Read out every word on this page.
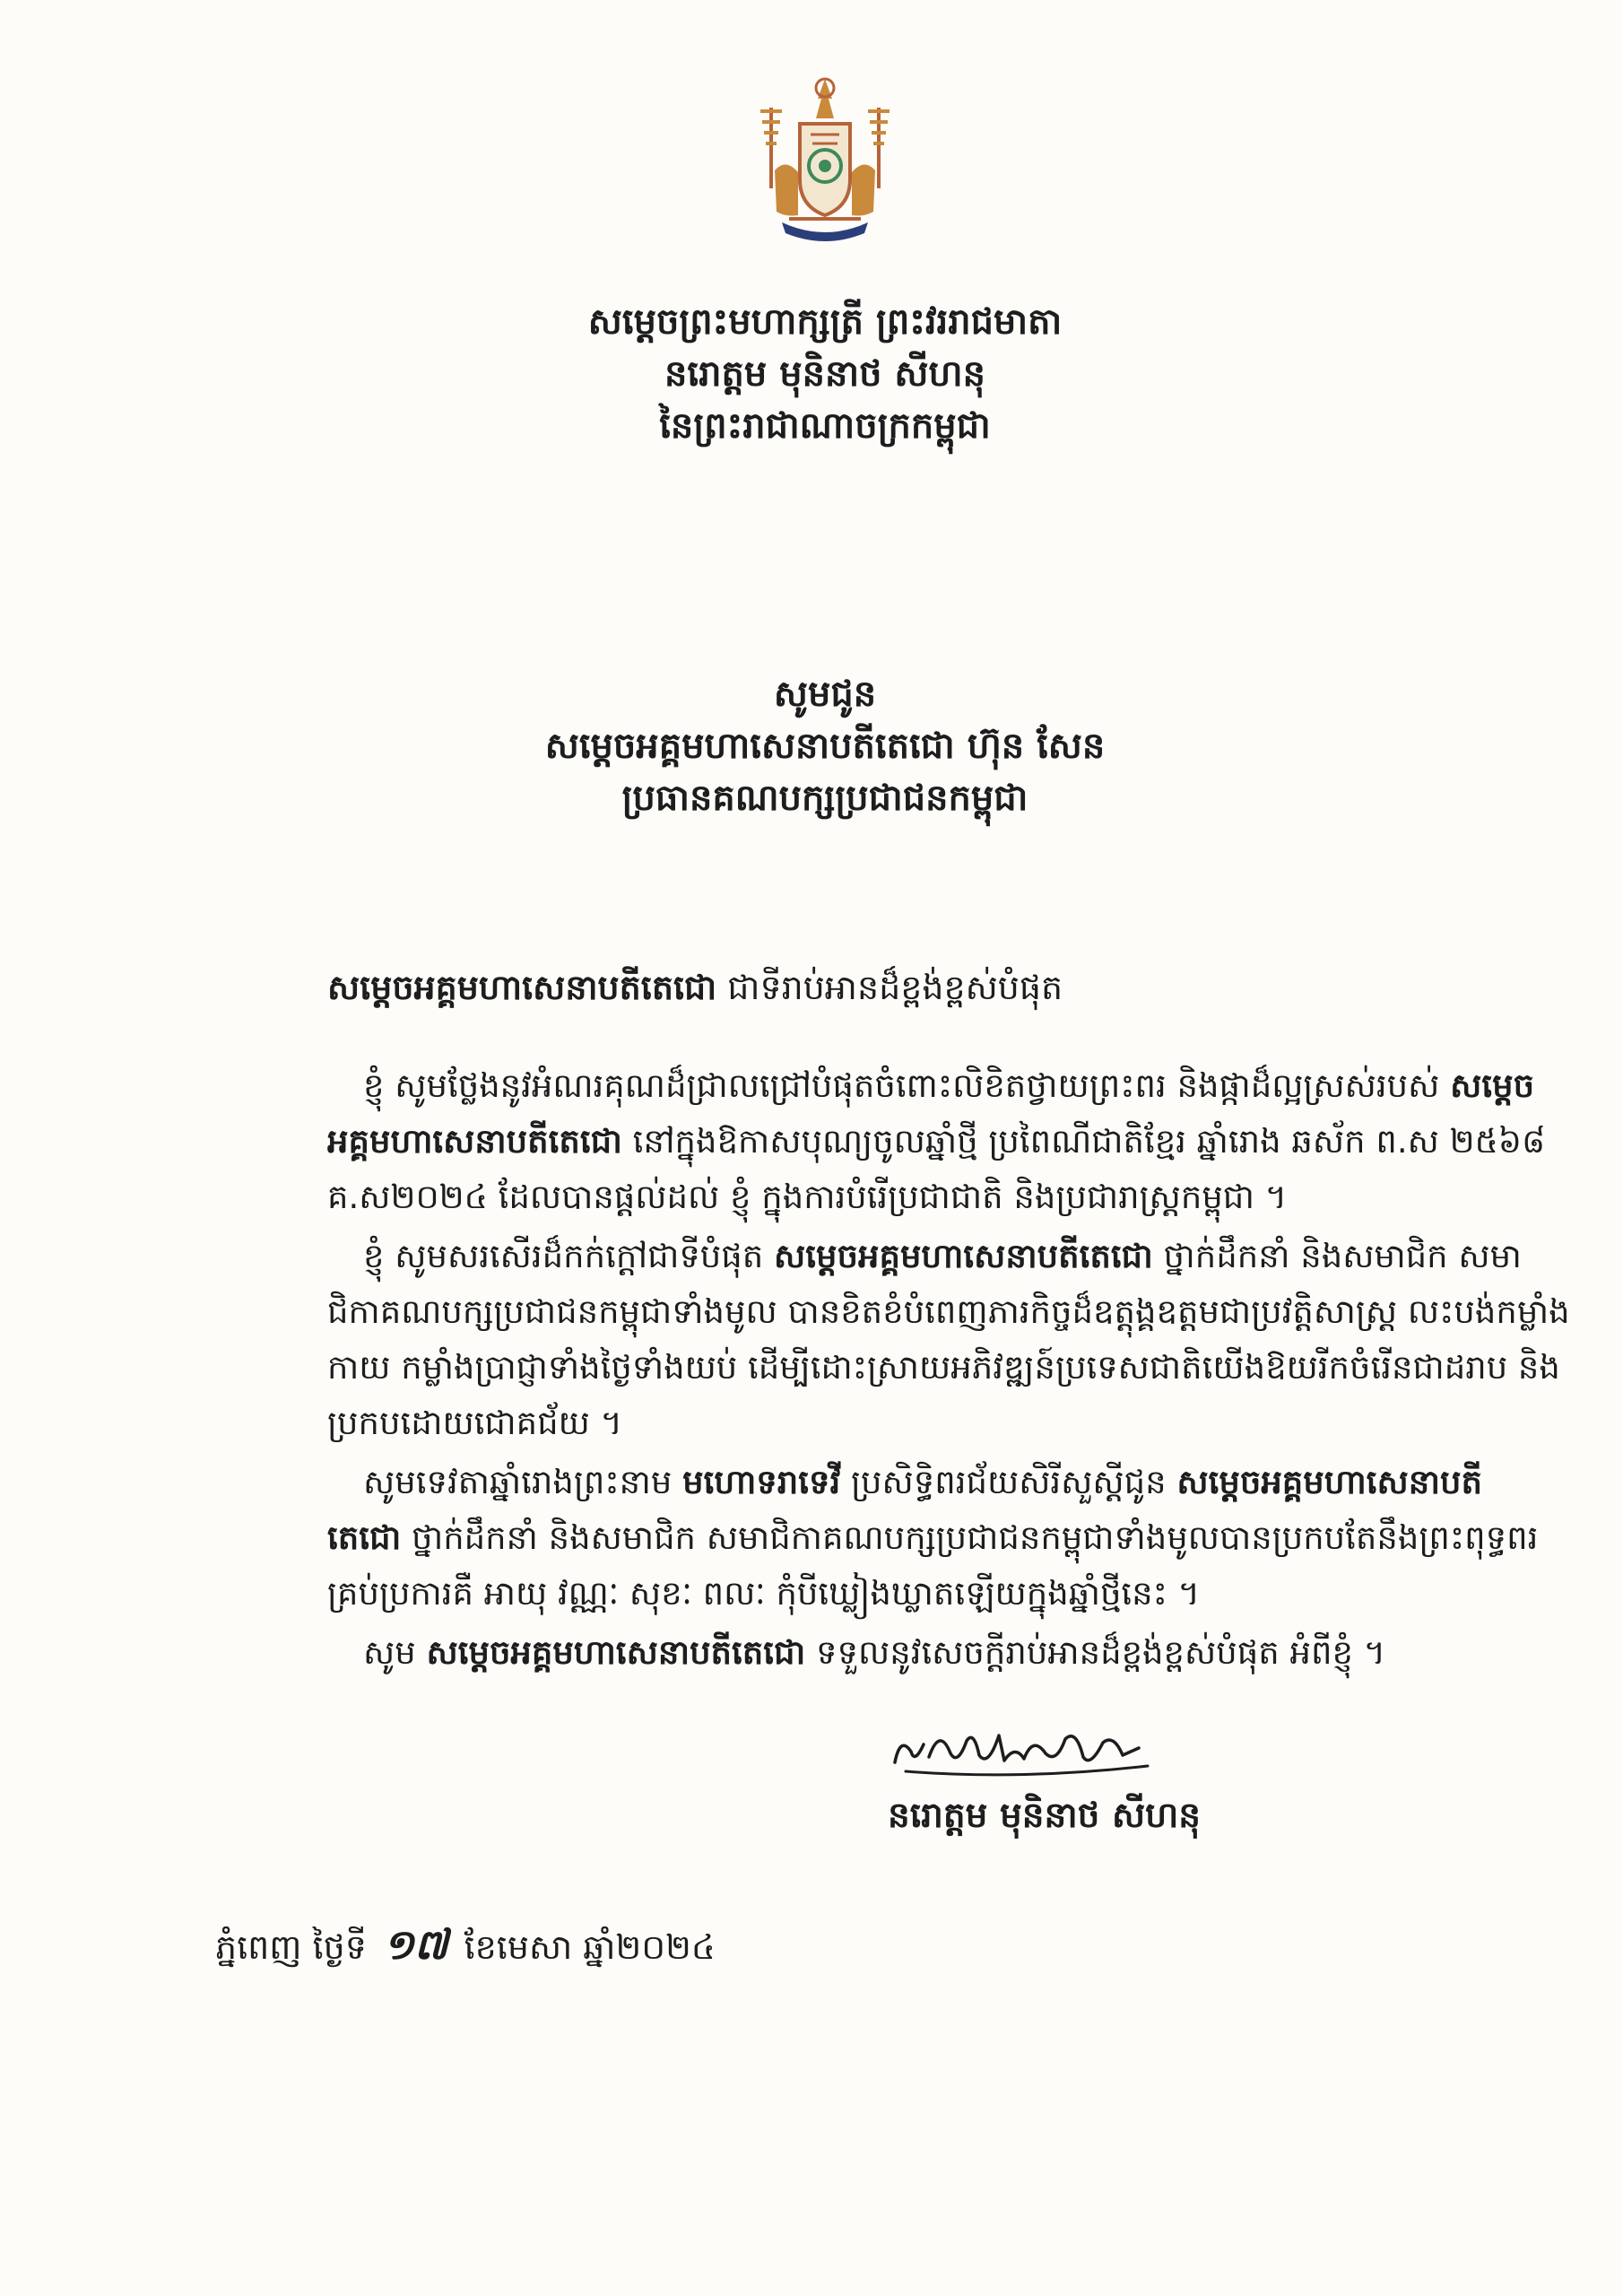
សម្ដេចព្រះមហាក្សត្រី ព្រះវររាជមាតា
នរោត្ដម មុនិនាថ សីហនុ
នៃព្រះរាជាណាចក្រកម្ពុជា
សូមជូន
សម្ដេចអគ្គមហាសេនាបតីតេជោ ហ៊ុន សែន
ប្រធានគណបក្សប្រជាជនកម្ពុជា
សម្ដេចអគ្គមហាសេនាបតីតេជោ ជាទីរាប់អានដ៏ខ្ពង់ខ្ពស់បំផុត
ខ្ញុំ សូមថ្លែងនូវអំណរគុណដ៏ជ្រាលជ្រៅបំផុតចំពោះលិខិតថ្វាយព្រះពរ និងផ្កាដ៏ល្អស្រស់របស់ សម្ដេច
អគ្គមហាសេនាបតីតេជោ នៅក្នុងឱកាសបុណ្យចូលឆ្នាំថ្មី ប្រពៃណីជាតិខ្មែរ ឆ្នាំរោង ឆស័ក ព.ស ២៥៦៨
គ.ស២០២៤ ដែលបានផ្ដល់ដល់ ខ្ញុំ ក្នុងការបំរើប្រជាជាតិ និងប្រជារាស្ត្រកម្ពុជា ។
ខ្ញុំ សូមសរសើរដ៏កក់ក្ដៅជាទីបំផុត សម្ដេចអគ្គមហាសេនាបតីតេជោ ថ្នាក់ដឹកនាំ និងសមាជិក សមា
ជិកាគណបក្សប្រជាជនកម្ពុជាទាំងមូល បានខិតខំបំពេញភារកិច្ចដ៏ឧត្តុង្គឧត្តមជាប្រវត្តិសាស្ត្រ លះបង់កម្លាំង
កាយ កម្លាំងប្រាជ្ញាទាំងថ្ងៃទាំងយប់ ដើម្បីដោះស្រាយអភិវឌ្ឍន៍ប្រទេសជាតិយើងឱយរីកចំរើនជាដរាប និង
ប្រកបដោយជោគជ័យ ។
សូមទេវតាឆ្នាំរោងព្រះនាម មហោទរាទេវី ប្រសិទ្ធិពរជ័យសិរីសួស្ដីជូន សម្ដេចអគ្គមហាសេនាបតី
តេជោ ថ្នាក់ដឹកនាំ និងសមាជិក សមាជិកាគណបក្សប្រជាជនកម្ពុជាទាំងមូលបានប្រកបតែនឹងព្រះពុទ្ធពរ
គ្រប់ប្រការគឺ អាយុ វណ្ណៈ សុខៈ ពលៈ កុំបីឃ្លៀងឃ្លាតឡើយក្នុងឆ្នាំថ្មីនេះ ។
សូម សម្ដេចអគ្គមហាសេនាបតីតេជោ ទទួលនូវសេចក្ដីរាប់អានដ៏ខ្ពង់ខ្ពស់បំផុត អំពីខ្ញុំ ។
នរោត្ដម មុនិនាថ សីហនុ
ភ្នំពេញ ថ្ងៃទី ១៧ ខែមេសា ឆ្នាំ២០២៤
